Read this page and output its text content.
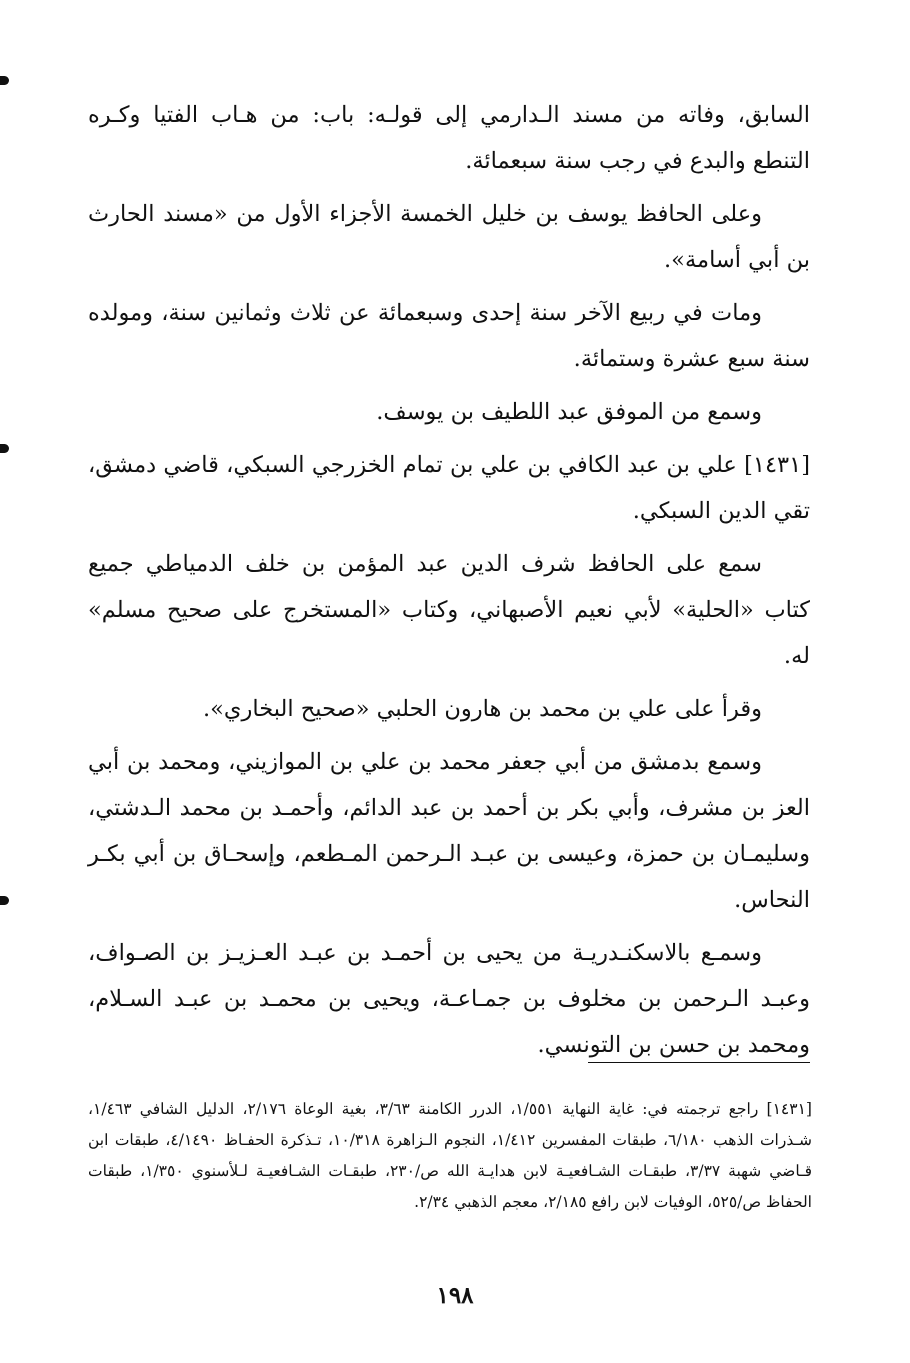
السابق، وفاته من مسند الـدارمي إلى قولـه: باب: من هـاب الفتيا وكـره التنطع والبدع في رجب سنة سبعمائة.

وعلى الحافظ يوسف بن خليل الخمسة الأجزاء الأول من «مسند الحارث بن أبي أسامة».

ومات في ربيع الآخر سنة إحدى وسبعمائة عن ثلاث وثمانين سنة، ومولده سنة سبع عشرة وستمائة.

وسمع من الموفق عبد اللطيف بن يوسف.

[١٤٣١] علي بن عبد الكافي بن علي بن تمام الخزرجي السبكي، قاضي دمشق، تقي الدين السبكي.

سمع على الحافظ شرف الدين عبد المؤمن بن خلف الدمياطي جميع كتاب «الحلية» لأبي نعيم الأصبهاني، وكتاب «المستخرج على صحيح مسلم» له.

وقرأ على علي بن محمد بن هارون الحلبي «صحيح البخاري».

وسمع بدمشق من أبي جعفر محمد بن علي بن الموازيني، ومحمد بن أبي العز بن مشرف، وأبي بكر بن أحمد بن عبد الدائم، وأحمـد بن محمد الـدشتي، وسليمـان بن حمزة، وعيسى بن عبـد الـرحمن المـطعم، وإسحـاق بن أبي بكـر النحاس.

وسمـع بالاسكنـدريـة من يحيى بن أحمـد بن عبـد العـزيـز بن الصـواف، وعبـد الـرحمن بن مخلوف بن جمـاعـة، ويحيى بن محمـد بن عبـد السـلام، ومحمد بن حسن بن التونسي.

[١٤٣١] راجع ترجمته في: غاية النهاية ١/٥٥١، الدرر الكامنة ٣/٦٣، بغية الوعاة ٢/١٧٦، الدليل الشافي ١/٤٦٣، شـذرات الذهب ٦/١٨٠، طبقات المفسرين ١/٤١٢، النجوم الـزاهرة ١٠/٣١٨، تـذكرة الحفـاظ ٤/١٤٩٠، طبقات ابن قـاضي شهبة ٣/٣٧، طبقـات الشـافعيـة لابن هدايـة الله ص/٢٣٠، طبقـات الشـافعيـة لـلأسنوي ١/٣٥٠، طبقات الحفاظ ص/٥٢٥، الوفيات لابن رافع ٢/١٨٥، معجم الذهبي ٢/٣٤.
١٩٨
